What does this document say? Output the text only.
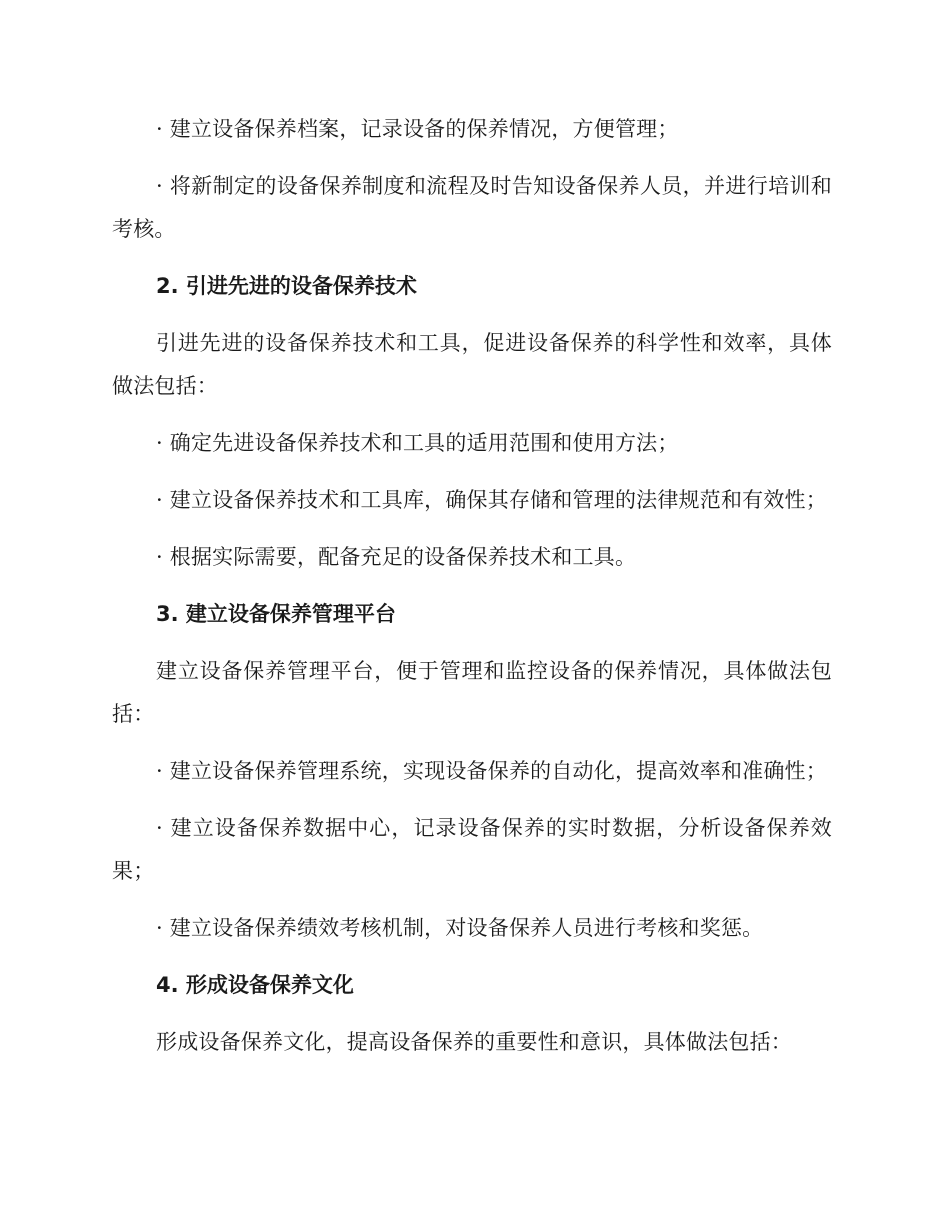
· 建立设备保养档案，记录设备的保养情况，方便管理；

· 将新制定的设备保养制度和流程及时告知设备保养人员，并进行培训和考核。

2. 引进先进的设备保养技术

引进先进的设备保养技术和工具，促进设备保养的科学性和效率，具体做法包括：

· 确定先进设备保养技术和工具的适用范围和使用方法；

· 建立设备保养技术和工具库，确保其存储和管理的法律规范和有效性；

· 根据实际需要，配备充足的设备保养技术和工具。

3. 建立设备保养管理平台

建立设备保养管理平台，便于管理和监控设备的保养情况，具体做法包括：

· 建立设备保养管理系统，实现设备保养的自动化，提高效率和准确性；

· 建立设备保养数据中心，记录设备保养的实时数据，分析设备保养效果；

· 建立设备保养绩效考核机制，对设备保养人员进行考核和奖惩。

4. 形成设备保养文化

形成设备保养文化，提高设备保养的重要性和意识，具体做法包括：
